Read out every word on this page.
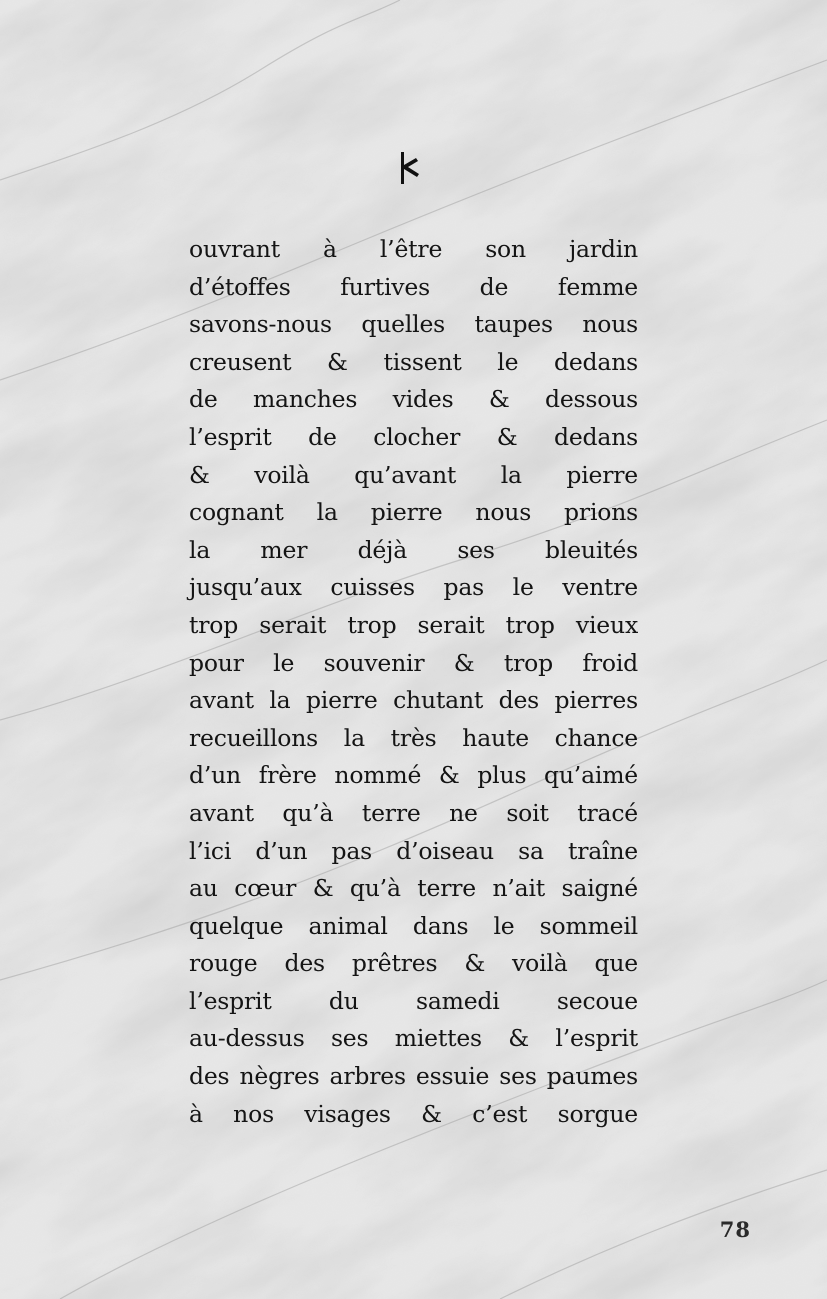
ouvrant à l’être son jardin
d’étoffes furtives de femme
savons-nous quelles taupes nous
creusent & tissent le dedans
de manches vides & dessous
l’esprit de clocher & dedans
& voilà qu’avant la pierre
cognant la pierre nous prions
la mer déjà ses bleuités
jusqu’aux cuisses pas le ventre
trop serait trop serait trop vieux
pour le souvenir & trop froid
avant la pierre chutant des pierres
recueillons la très haute chance
d’un frère nommé & plus qu’aimé
avant qu’à terre ne soit tracé
l’ici d’un pas d’oiseau sa traîne
au cœur & qu’à terre n’ait saigné
quelque animal dans le sommeil
rouge des prêtres & voilà que
l’esprit du samedi secoue
au-dessus ses miettes & l’esprit
des nègres arbres essuie ses paumes
à nos visages & c’est sorgue
78
